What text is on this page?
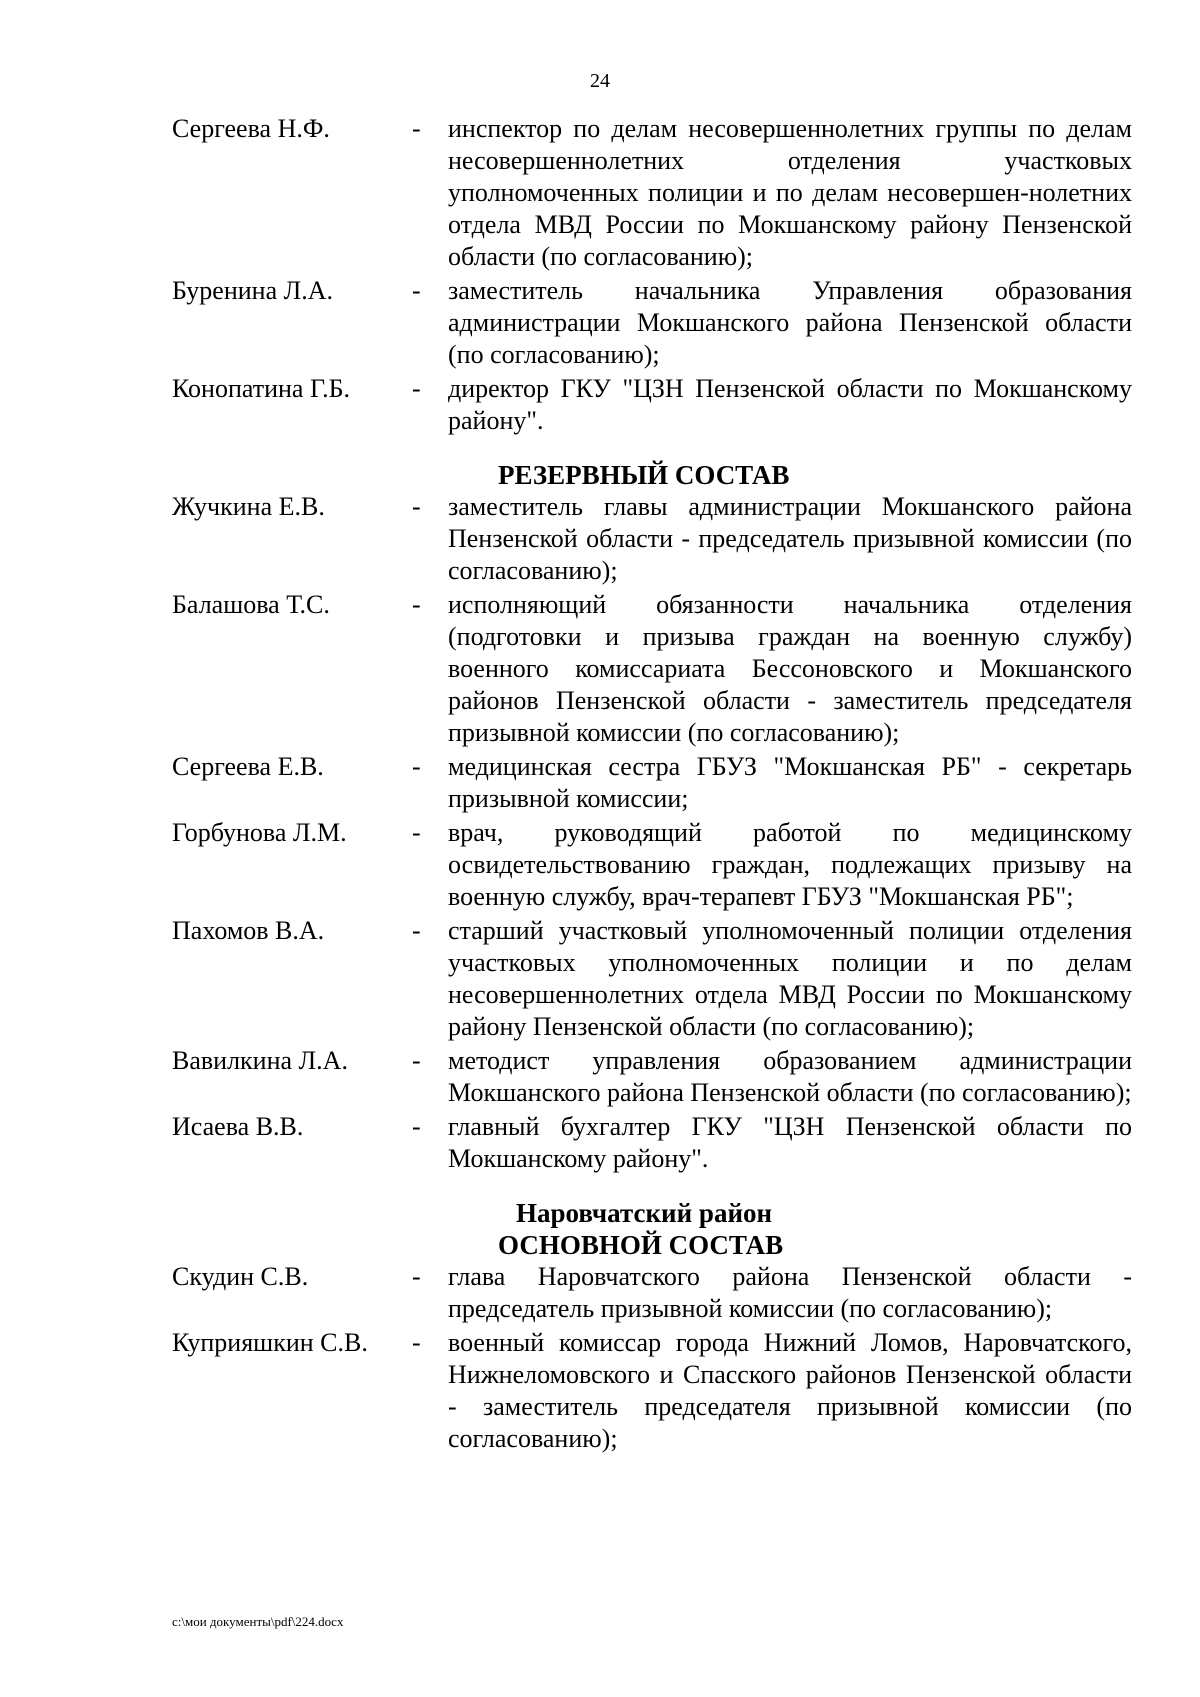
24
Сергеева Н.Ф.	-	инспектор по делам несовершеннолетних группы по делам несовершеннолетних отделения участковых уполномоченных полиции и по делам несовершен-нолетних отдела МВД России по Мокшанскому району Пензенской области (по согласованию);
Буренина Л.А.	-	заместитель начальника Управления образования администрации Мокшанского района Пензенской области (по согласованию);
Конопатина Г.Б.	-	директор ГКУ "ЦЗН Пензенской области по Мокшанскому району".
РЕЗЕРВНЫЙ СОСТАВ
Жучкина Е.В.	-	заместитель главы администрации Мокшанского района Пензенской области - председатель призывной комиссии (по согласованию);
Балашова Т.С.	-	исполняющий обязанности начальника отделения (подготовки и призыва граждан на военную службу) военного комиссариата Бессоновского и Мокшанского районов Пензенской области - заместитель председателя призывной комиссии (по согласованию);
Сергеева Е.В.	-	медицинская сестра ГБУЗ "Мокшанская РБ" - секретарь призывной комиссии;
Горбунова Л.М.	-	врач, руководящий работой по медицинскому освидетельствованию граждан, подлежащих призыву на военную службу, врач-терапевт ГБУЗ "Мокшанская РБ";
Пахомов В.А.	-	старший участковый уполномоченный полиции отделения участковых уполномоченных полиции и по делам несовершеннолетних отдела МВД России по Мокшанскому району Пензенской области (по согласованию);
Вавилкина Л.А.	-	методист управления образованием администрации Мокшанского района Пензенской области (по согласованию);
Исаева В.В.	-	главный бухгалтер ГКУ "ЦЗН Пензенской области по Мокшанскому району".
Наровчатский район
ОСНОВНОЙ СОСТАВ
Скудин С.В.	-	глава Наровчатского района Пензенской области - председатель призывной комиссии (по согласованию);
Куприяшкин С.В.	-	военный комиссар города Нижний Ломов, Наровчатского, Нижнеломовского и Спасского районов Пензенской области - заместитель председателя призывной комиссии (по согласованию);
c:\мои документы\pdf\224.docx
